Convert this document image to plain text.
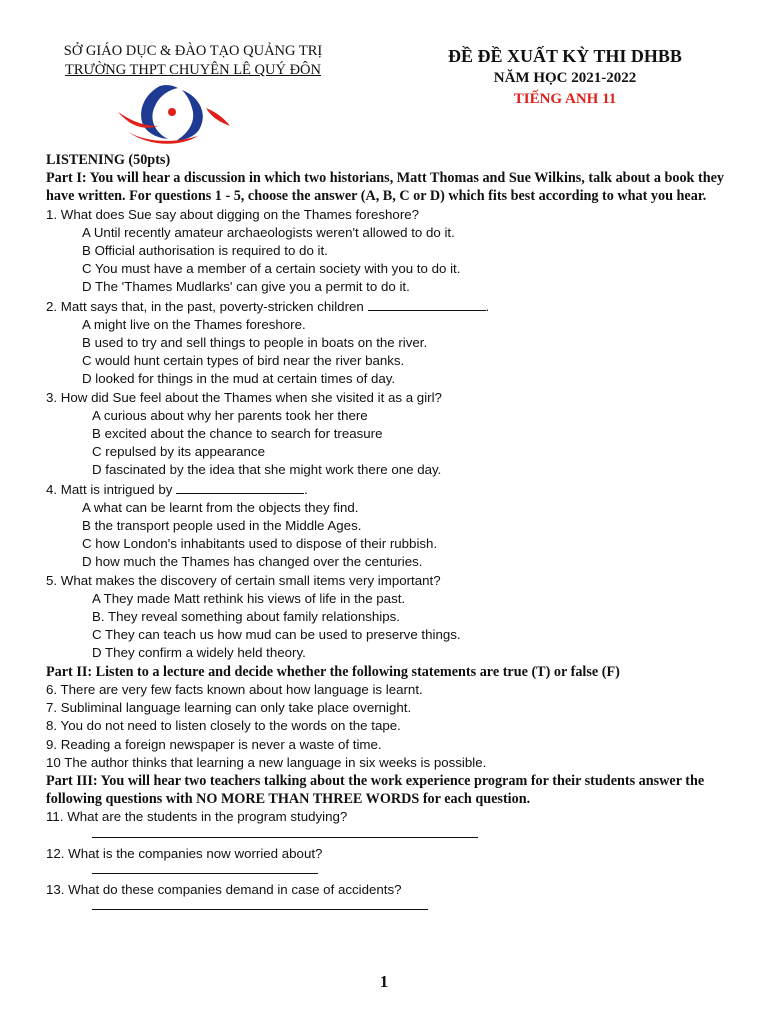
SỞ GIÁO DỤC & ĐÀO TẠO QUẢNG TRỊ
TRƯỜNG THPT CHUYÊN LÊ QUÝ ĐÔN
ĐỀ ĐỀ XUẤT KỲ THI DHBB
NĂM HỌC 2021-2022
TIẾNG ANH 11
LISTENING (50pts)
Part I: You will hear a discussion in which two historians, Matt Thomas and Sue Wilkins, talk about a book they have written. For questions 1 - 5, choose the answer (A, B, C or D) which fits best according to what you hear.
1. What does Sue say about digging on the Thames foreshore?
A Until recently amateur archaeologists weren't allowed to do it.
B Official authorisation is required to do it.
C You must have a member of a certain society with you to do it.
D The 'Thames Mudlarks' can give you a permit to do it.
2. Matt says that, in the past, poverty-stricken children	.
A might live on the Thames foreshore.
B used to try and sell things to people in boats on the river.
C would hunt certain types of bird near the river banks.
D looked for things in the mud at certain times of day.
3. How did Sue feel about the Thames when she visited it as a girl?
A curious about why her parents took her there
B excited about the chance to search for treasure
C repulsed by its appearance
D fascinated by the idea that she might work there one day.
4. Matt is intrigued by	.
A what can be learnt from the objects they find.
B the transport people used in the Middle Ages.
C how London's inhabitants used to dispose of their rubbish.
D how much the Thames has changed over the centuries.
5. What makes the discovery of certain small items very important?
A They made Matt rethink his views of life in the past.
B. They reveal something about family relationships.
C They can teach us how mud can be used to preserve things.
D They confirm a widely held theory.
Part II: Listen to a lecture and decide whether the following statements are true (T) or false (F)
6. There are very few facts known about how language is learnt.
7. Subliminal language learning can only take place overnight.
8. You do not need to listen closely to the words on the tape.
9. Reading a foreign newspaper is never a waste of time.
10 The author thinks that learning a new language in six weeks is possible.
Part III: You will hear two teachers talking about the work experience program for their students answer the following questions with NO MORE THAN THREE WORDS for each question.
11. What are the students in the program studying?
12. What is the companies now worried about?
13. What do these companies demand in case of accidents?
1
